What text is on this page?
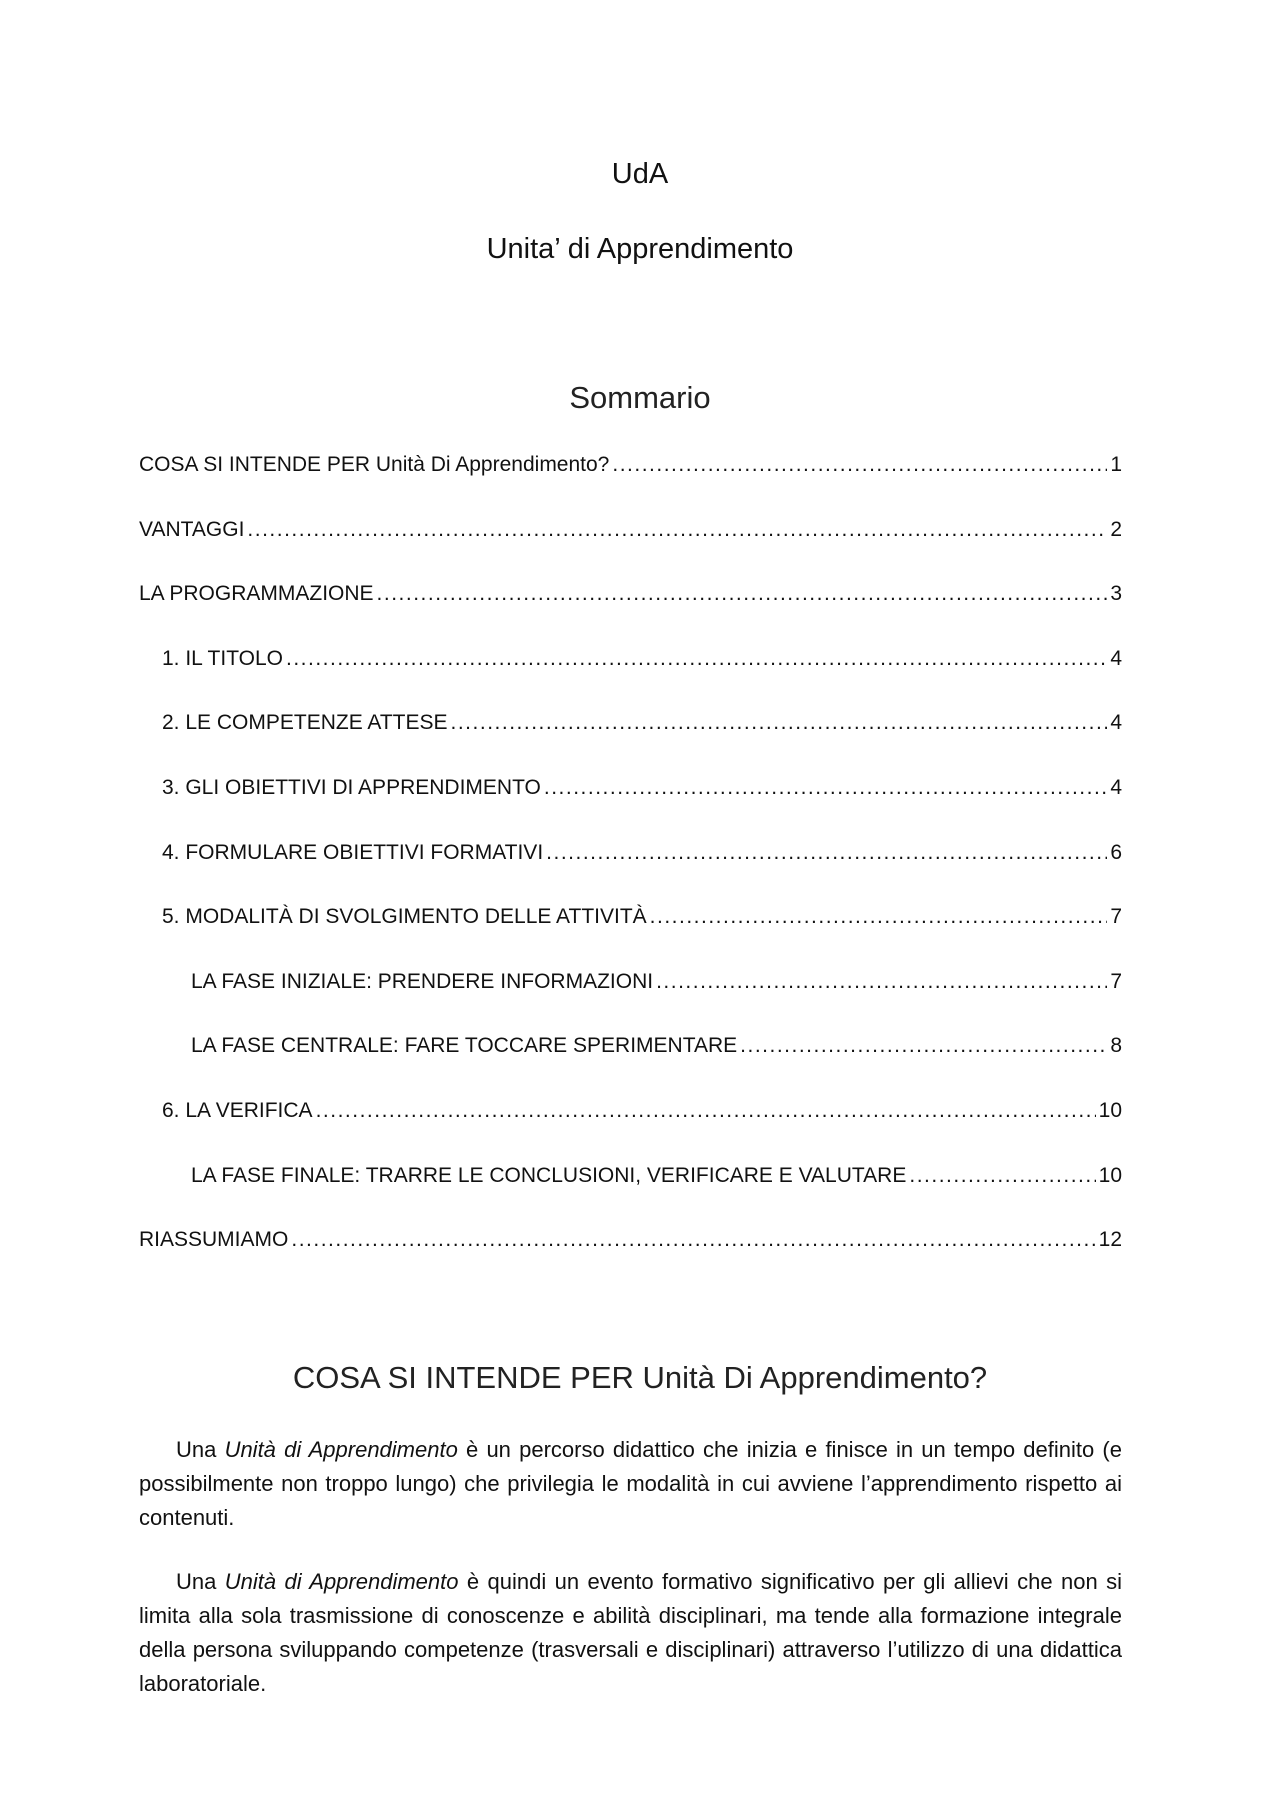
UdA
Unita’ di Apprendimento
Sommario
COSA SI INTENDE PER Unità Di Apprendimento? .....	1
VANTAGGI .....	2
LA PROGRAMMAZIONE .....	3
1. IL TITOLO .....	4
2. LE COMPETENZE ATTESE .....	4
3. GLI OBIETTIVI DI APPRENDIMENTO .....	4
4. FORMULARE OBIETTIVI FORMATIVI .....	6
5. MODALITÀ DI SVOLGIMENTO DELLE ATTIVITÀ .....	7
LA FASE INIZIALE: PRENDERE INFORMAZIONI .....	7
LA FASE CENTRALE: FARE TOCCARE SPERIMENTARE .....	8
6. LA VERIFICA .....	10
LA FASE FINALE: TRARRE LE CONCLUSIONI, VERIFICARE E VALUTARE .....	10
RIASSUMIAMO .....	12
COSA SI INTENDE PER Unità Di Apprendimento?

Una Unità di Apprendimento è un percorso didattico che inizia e finisce in un tempo definito (e possibilmente non troppo lungo) che privilegia le modalità in cui avviene l’apprendimento rispetto ai contenuti.

Una Unità di Apprendimento è quindi un evento formativo significativo per gli allievi che non si limita alla sola trasmissione di conoscenze e abilità disciplinari, ma tende alla formazione integrale della persona sviluppando competenze (trasversali e disciplinari) attraverso l’utilizzo di una didattica laboratoriale.
